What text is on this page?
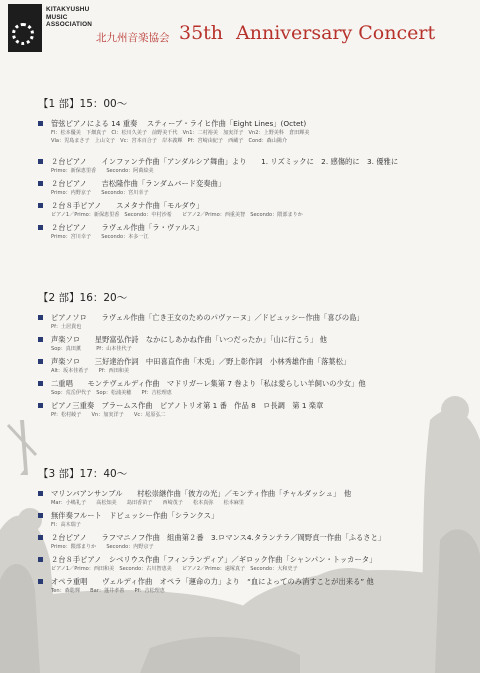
KITAKYUSHU
MUSIC
ASSOCIATION
北九州音楽協会 35th Anniversary Concert
【1 部】15：00～
管弦ピアノによる 14 重奏　 スティーブ・ライヒ作曲「Eight Lines」(Octet)
Fl：松本優美　下畑真子　Cl：松川久美子　前野美千代　Vn1：二村裕美　加実洋子　Vn2：上野美科　倉田輝美
Vla：児島まさ子　上山文子　Vc：宮本百合子　岸本義輝　Pf：宮崎由紀子　西蔵子　Cond：森山陽介
２台ピアノ　　インファンテ作曲「アンダルシア舞曲」より　　1. リズミックに　2. 感傷的に　3. 優雅に
Primo：新保恵里香　　Secondo：阿萬絵美
２台ピアノ　　吉松隆作曲「ランダムバード変奏曲」
Primo：内野京子　　Secondo：宮川幸子
２台８手ピアノ　　スメタナ作曲「モルダウ」
ピアノ1／Primo：新保恵里香　Secondo：中村沙希　　ピアノ2／Primo：西重美智　Secondo：隈部まりか
２台ピアノ　　ラヴェル作曲「ラ・ヴァルス」
Primo：宮川幸子　　Secondo：本多一江
【2 部】16：20～
ピアノソロ　　ラヴェル作曲「亡き王女のためのパヴァーヌ」／ドビュッシー作曲「喜びの島」
Pf：土居貴也
声楽ソロ　　星野富弘作詩　なかにしあかね作曲「いつだったか」「山に行こう」 他
Sop：真田薫　　　Pf：山本佳代子
声楽ソロ　　三好達治作詞　中田喜直作曲「木兎」／野上彰作詞　小林秀雄作曲「落葉松」
Alt：坂本佳希子　　Pf：西田和美
二重唱　　モンテヴェルディ作曲　マドリガーレ集第 7 巻より「私は愛らしい羊飼いの少女」他
Sop：荒岳伊代子　Sop：松浦美穂　　Pf：吉松理恵
ピアノ三重奏　ブラームス作曲　ピアノトリオ第 1 番　作品 8　ロ長調　第 1 楽章
Pf：松村綾子　　Vn：加実洋子　　Vc：尾原弘二
【3 部】17：40～
マリンバアンサンブル　　村松崇継作曲「彼方の光」／モンティ作曲「チャルダッシュ」　他
Mar：小嶋礼子　　高松知美　　島田香苗子　　西崎茂子　　松本真弥　　松本麻里
無伴奏フルート　ドビュッシー作曲「シランクス」
Fl：高木瑞子
２台ピアノ　　ラフマニノフ作曲　組曲第２番　3.ロマンス4.タランテラ／岡野貞一作曲「ふるさと」
Primo：隈部まりか　　Secondo：内野京子
２台８手ピアノ　シベリウス作曲「フィンランディア」／ギロック作曲「シャンパン・トッカータ」
ピアノ1／Primo：西田和美　Secondo：古川智恵美　　ピアノ2／Primo：遠塚真子　Secondo：大和史子
オペラ重唱　　ヴェルディ作曲　オペラ「運命の力」より　“血によってのみ消すことが出来る” 他
Ten：森聡輝　　Bar：蓬井孝善　　Pf：吉松理恵
